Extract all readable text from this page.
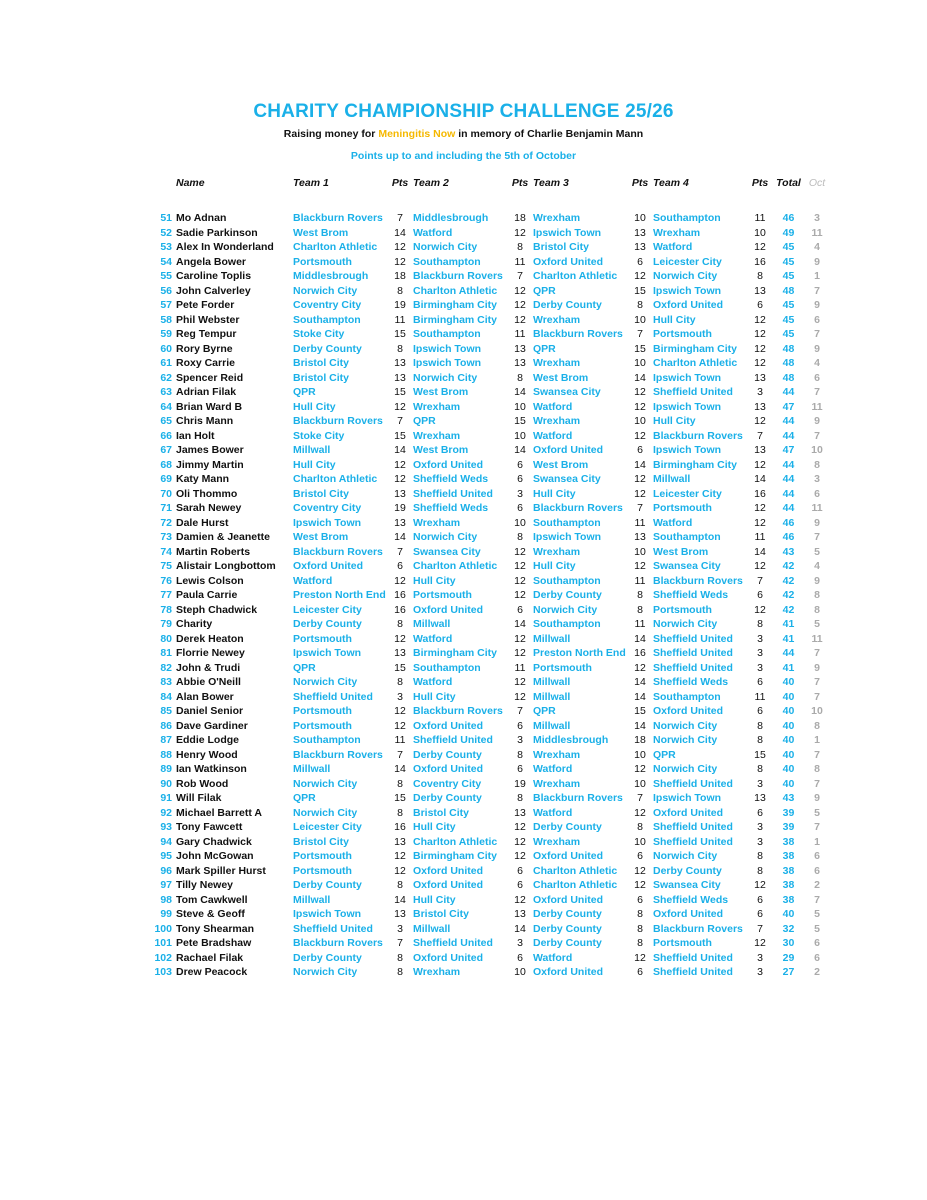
CHARITY CHAMPIONSHIP CHALLENGE 25/26
Raising money for Meningitis Now in memory of Charlie Benjamin Mann
Points up to and including the 5th of October
	Name	Team 1	Pts	Team 2	Pts	Team 3	Pts	Team 4	Pts	Total	Oct

51	Mo Adnan	Blackburn Rovers	7	Middlesbrough	18	Wrexham	10	Southampton	11	46	3
52	Sadie Parkinson	West Brom	14	Watford	12	Ipswich Town	13	Wrexham	10	49	11
53	Alex In Wonderland	Charlton Athletic	12	Norwich City	8	Bristol City	13	Watford	12	45	4
54	Angela Bower	Portsmouth	12	Southampton	11	Oxford United	6	Leicester City	16	45	9
55	Caroline Toplis	Middlesbrough	18	Blackburn Rovers	7	Charlton Athletic	12	Norwich City	8	45	1
56	John Calverley	Norwich City	8	Charlton Athletic	12	QPR	15	Ipswich Town	13	48	7
57	Pete Forder	Coventry City	19	Birmingham City	12	Derby County	8	Oxford United	6	45	9
58	Phil Webster	Southampton	11	Birmingham City	12	Wrexham	10	Hull City	12	45	6
59	Reg Tempur	Stoke City	15	Southampton	11	Blackburn Rovers	7	Portsmouth	12	45	7
60	Rory Byrne	Derby County	8	Ipswich Town	13	QPR	15	Birmingham City	12	48	9
61	Roxy Carrie	Bristol City	13	Ipswich Town	13	Wrexham	10	Charlton Athletic	12	48	4
62	Spencer Reid	Bristol City	13	Norwich City	8	West Brom	14	Ipswich Town	13	48	6
63	Adrian Filak	QPR	15	West Brom	14	Swansea City	12	Sheffield United	3	44	7
64	Brian Ward B	Hull City	12	Wrexham	10	Watford	12	Ipswich Town	13	47	11
65	Chris Mann	Blackburn Rovers	7	QPR	15	Wrexham	10	Hull City	12	44	9
66	Ian Holt	Stoke City	15	Wrexham	10	Watford	12	Blackburn Rovers	7	44	7
67	James Bower	Millwall	14	West Brom	14	Oxford United	6	Ipswich Town	13	47	10
68	Jimmy Martin	Hull City	12	Oxford United	6	West Brom	14	Birmingham City	12	44	8
69	Katy Mann	Charlton Athletic	12	Sheffield Weds	6	Swansea City	12	Millwall	14	44	3
70	Oli Thommo	Bristol City	13	Sheffield United	3	Hull City	12	Leicester City	16	44	6
71	Sarah Newey	Coventry City	19	Sheffield Weds	6	Blackburn Rovers	7	Portsmouth	12	44	11
72	Dale Hurst	Ipswich Town	13	Wrexham	10	Southampton	11	Watford	12	46	9
73	Damien & Jeanette	West Brom	14	Norwich City	8	Ipswich Town	13	Southampton	11	46	7
74	Martin Roberts	Blackburn Rovers	7	Swansea City	12	Wrexham	10	West Brom	14	43	5
75	Alistair Longbottom	Oxford United	6	Charlton Athletic	12	Hull City	12	Swansea City	12	42	4
76	Lewis Colson	Watford	12	Hull City	12	Southampton	11	Blackburn Rovers	7	42	9
77	Paula Carrie	Preston North End	16	Portsmouth	12	Derby County	8	Sheffield Weds	6	42	8
78	Steph Chadwick	Leicester City	16	Oxford United	6	Norwich City	8	Portsmouth	12	42	8
79	Charity	Derby County	8	Millwall	14	Southampton	11	Norwich City	8	41	5
80	Derek Heaton	Portsmouth	12	Watford	12	Millwall	14	Sheffield United	3	41	11
81	Florrie Newey	Ipswich Town	13	Birmingham City	12	Preston North End	16	Sheffield United	3	44	7
82	John & Trudi	QPR	15	Southampton	11	Portsmouth	12	Sheffield United	3	41	9
83	Abbie O'Neill	Norwich City	8	Watford	12	Millwall	14	Sheffield Weds	6	40	7
84	Alan Bower	Sheffield United	3	Hull City	12	Millwall	14	Southampton	11	40	7
85	Daniel Senior	Portsmouth	12	Blackburn Rovers	7	QPR	15	Oxford United	6	40	10
86	Dave Gardiner	Portsmouth	12	Oxford United	6	Millwall	14	Norwich City	8	40	8
87	Eddie Lodge	Southampton	11	Sheffield United	3	Middlesbrough	18	Norwich City	8	40	1
88	Henry Wood	Blackburn Rovers	7	Derby County	8	Wrexham	10	QPR	15	40	7
89	Ian Watkinson	Millwall	14	Oxford United	6	Watford	12	Norwich City	8	40	8
90	Rob Wood	Norwich City	8	Coventry City	19	Wrexham	10	Sheffield United	3	40	7
91	Will Filak	QPR	15	Derby County	8	Blackburn Rovers	7	Ipswich Town	13	43	9
92	Michael Barrett A	Norwich City	8	Bristol City	13	Watford	12	Oxford United	6	39	5
93	Tony Fawcett	Leicester City	16	Hull City	12	Derby County	8	Sheffield United	3	39	7
94	Gary Chadwick	Bristol City	13	Charlton Athletic	12	Wrexham	10	Sheffield United	3	38	1
95	John McGowan	Portsmouth	12	Birmingham City	12	Oxford United	6	Norwich City	8	38	6
96	Mark Spiller Hurst	Portsmouth	12	Oxford United	6	Charlton Athletic	12	Derby County	8	38	6
97	Tilly Newey	Derby County	8	Oxford United	6	Charlton Athletic	12	Swansea City	12	38	2
98	Tom Cawkwell	Millwall	14	Hull City	12	Oxford United	6	Sheffield Weds	6	38	7
99	Steve & Geoff	Ipswich Town	13	Bristol City	13	Derby County	8	Oxford United	6	40	5
100	Tony Shearman	Sheffield United	3	Millwall	14	Derby County	8	Blackburn Rovers	7	32	5
101	Pete Bradshaw	Blackburn Rovers	7	Sheffield United	3	Derby County	8	Portsmouth	12	30	6
102	Rachael Filak	Derby County	8	Oxford United	6	Watford	12	Sheffield United	3	29	6
103	Drew Peacock	Norwich City	8	Wrexham	10	Oxford United	6	Sheffield United	3	27	2
